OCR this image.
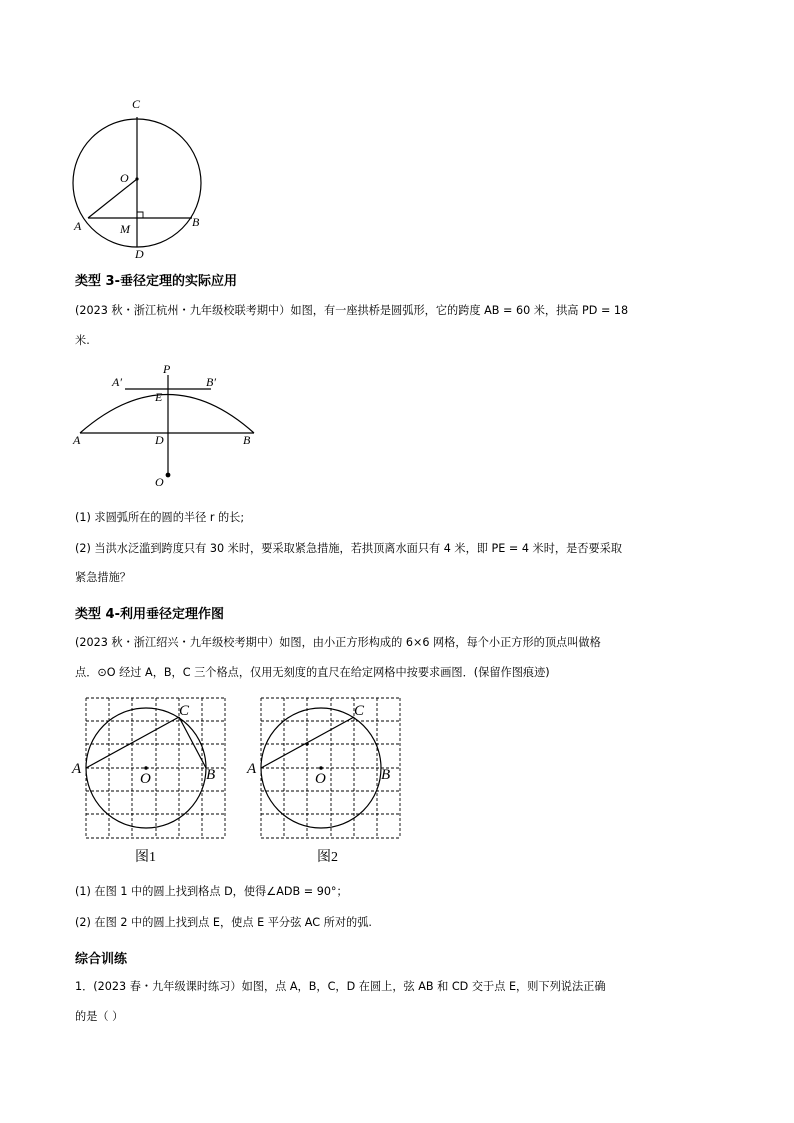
C
O
A	M	B
D
类型 3-垂径定理的实际应用
(2023 秋・浙江杭州・九年级校联考期中）如图，有一座拱桥是圆弧形，它的跨度 AB = 60 米，拱高 PD = 18
米.
A′
P
B′
E
A	D	B
O
(1) 求圆弧所在的圆的半径 r 的长;
(2) 当洪水泛滥到跨度只有 30 米时，要采取紧急措施，若拱顶离水面只有 4 米，即 PE = 4 米时，是否要采取
紧急措施？
类型 4-利用垂径定理作图
(2023 秋・浙江绍兴・九年级校考期中）如图，由小正方形构成的 6×6 网格，每个小正方形的顶点叫做格
点．⊙O 经过 A，B，C 三个格点，仅用无刻度的直尺在给定网格中按要求画图．(保留作图痕迹)
A
C
O	B
图1
A
C
O	B
图2
(1) 在图 1 中的圆上找到格点 D，使得∠ADB = 90°；
(2) 在图 2 中的圆上找到点 E，使点 E 平分弦 AC 所对的弧.
综合训练
1．(2023 春・九年级课时练习）如图，点 A，B，C，D 在圆上，弦 AB 和 CD 交于点 E，则下列说法正确
的是（ ）
